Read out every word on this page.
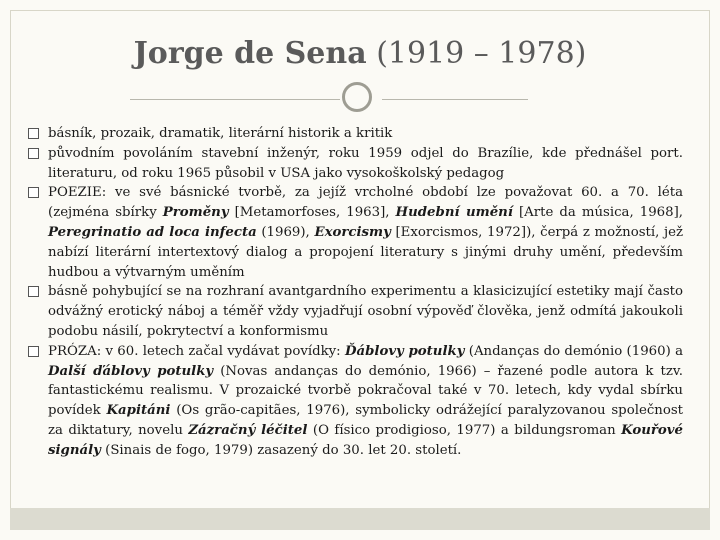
Jorge de Sena (1919 – 1978)
básník, prozaik, dramatik, literární historik a kritik
původním povoláním stavební inženýr, roku 1959 odjel do Brazílie, kde přednášel port. literaturu, od roku 1965 působil v USA jako vysokoškolský pedagog
POEZIE: ve své básnické tvorbě, za jejíž vrcholné období lze považovat 60. a 70. léta (zejména sbírky Proměny [Metamorfoses, 1963], Hudební umění [Arte da música, 1968], Peregrinatio ad loca infecta (1969), Exorcismy [Exorcismos, 1972]), čerpá z možností, jež nabízí literární intertextový dialog a propojení literatury s jinými druhy umění, především hudbou a výtvarným uměním
básně pohybující se na rozhraní avantgardního experimentu a klasicizující estetiky mají často odvážný erotický náboj a téměř vždy vyjadřují osobní výpověď člověka, jenž odmítá jakoukoli podobu násilí, pokrytectví a konformismu
PRÓZA: v 60. letech začal vydávat povídky: Ďáblovy potulky (Andanças do demónio (1960) a Další ďáblovy potulky (Novas andanças do demónio, 1966) – řazené podle autora k tzv. fantastickému realismu. V prozaické tvorbě pokračoval také v 70. letech, kdy vydal sbírku povídek Kapitáni (Os grão-capitães, 1976), symbolicky odrážející paralyzovanou společnost za diktatury, novelu Zázračný léčitel (O físico prodigioso, 1977) a bildungsroman Kouřové signály (Sinais de fogo, 1979) zasazený do 30. let 20. století.
